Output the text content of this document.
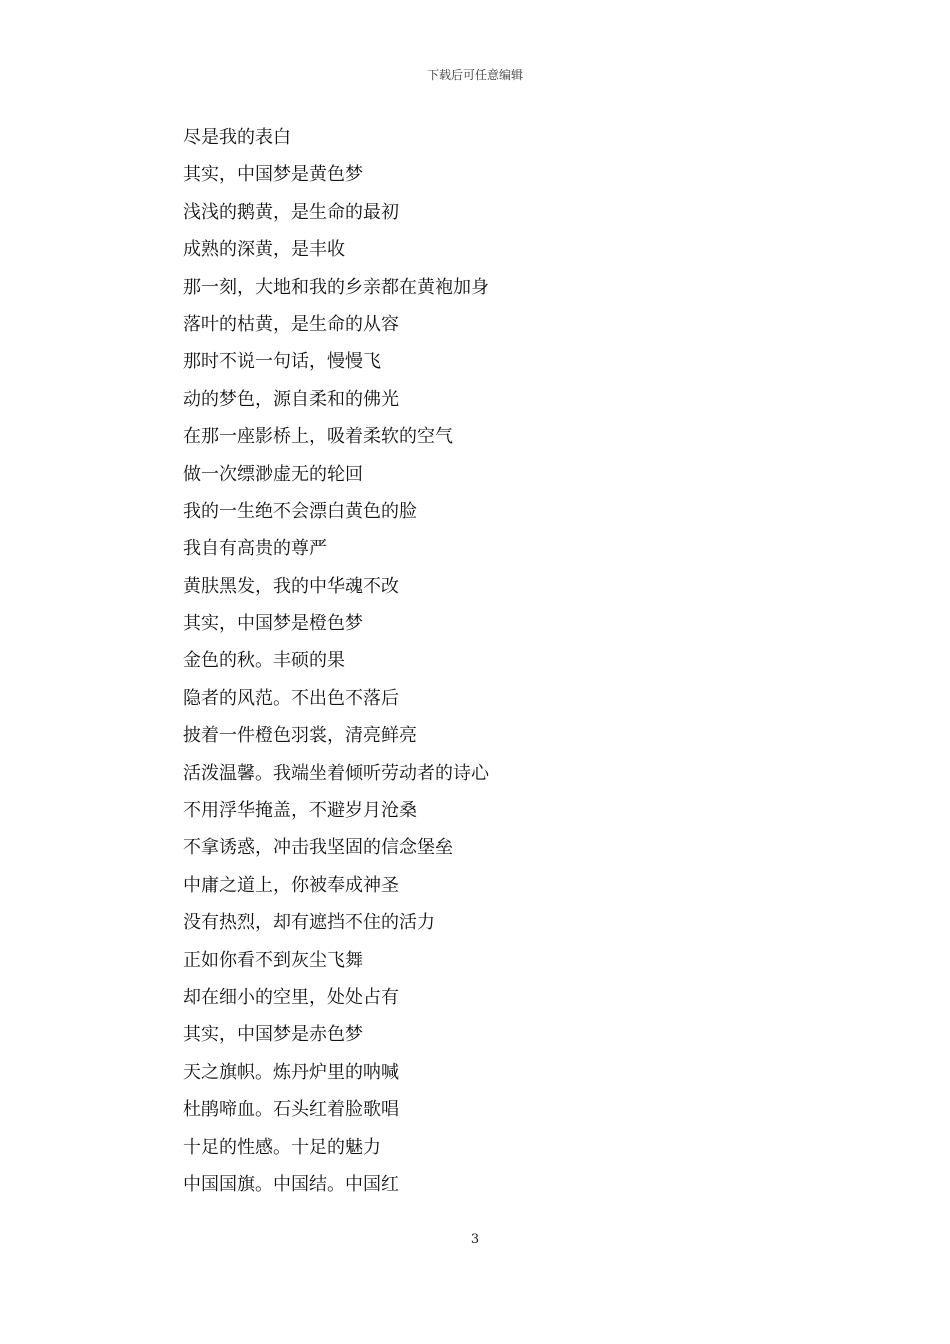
下载后可任意编辑
尽是我的表白
其实，中国梦是黄色梦
浅浅的鹅黄，是生命的最初
成熟的深黄，是丰收
那一刻，大地和我的乡亲都在黄袍加身
落叶的枯黄，是生命的从容
那时不说一句话，慢慢飞
动的梦色，源自柔和的佛光
在那一座影桥上，吸着柔软的空气
做一次缥渺虚无的轮回
我的一生绝不会漂白黄色的脸
我自有高贵的尊严
黄肤黑发，我的中华魂不改
其实，中国梦是橙色梦
金色的秋。丰硕的果
隐者的风范。不出色不落后
披着一件橙色羽裳，清亮鲜亮
活泼温馨。我端坐着倾听劳动者的诗心
不用浮华掩盖，不避岁月沧桑
不拿诱惑，冲击我坚固的信念堡垒
中庸之道上，你被奉成神圣
没有热烈，却有遮挡不住的活力
正如你看不到灰尘飞舞
却在细小的空里，处处占有
其实，中国梦是赤色梦
天之旗帜。炼丹炉里的呐喊
杜鹃啼血。石头红着脸歌唱
十足的性感。十足的魅力
中国国旗。中国结。中国红
3
